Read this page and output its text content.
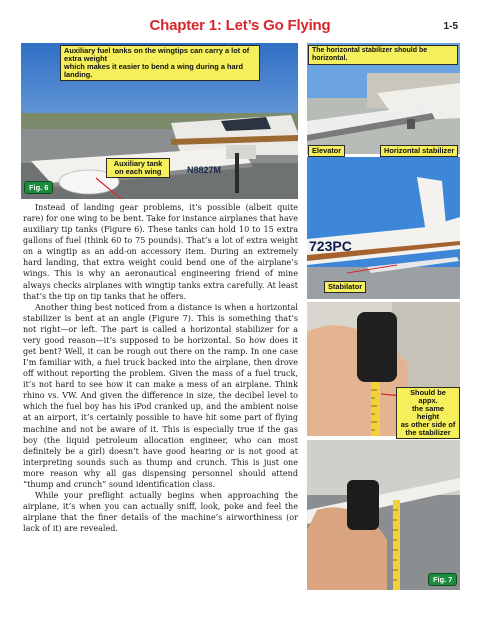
Chapter 1: Let’s Go Flying	1-5
N8827M
Auxiliary fuel tanks on the wingtips can carry a lot of extra weight
which makes it easier to bend a wing during a hard landing.
Auxiliary tank
on each wing
Fig. 6
The horizontal stabilizer should be horizontal.
Elevator	Horizontal stabilizer
723PC
Stabilator
Should be appx.
the same height
as other side of
the stabilizer
Fig. 7

Instead of landing gear problems, it’s possible (albeit quite rare) for one wing to be bent. Take for instance airplanes that have auxiliary tip tanks (Figure 6). These tanks can hold 10 to 15 extra gallons of fuel (think 60 to 75 pounds). That’s a lot of extra weight on a wingtip as an add-on accessory item. During an extremely hard landing, that extra weight could bend one of the airplane’s wings. This is why an aeronautical engineering friend of mine always checks airplanes with wingtip tanks extra carefully. At least that’s the tip on tip tanks that he offers.

Another thing best noticed from a distance is when a horizontal stabilizer is bent at an angle (Figure 7). This is something that’s not right—or left. The part is called a horizontal stabilizer for a very good reason—it’s supposed to be horizontal. So how does it get bent? Well, it can be rough out there on the ramp. In one case I’m familiar with, a fuel truck backed into the airplane, then drove off without reporting the problem. Given the mass of a fuel truck, it’s not hard to see how it can make a mess of an airplane. Think rhino vs. VW. And given the difference in size, the decibel level to which the fuel boy has his iPod cranked up, and the ambient noise at an airport, it’s certainly possible to have hit some part of flying machine and not be aware of it. This is especially true if the gas boy (the liquid petroleum allocation engineer, who can most definitely be a girl) doesn’t have good hearing or is not good at interpreting sounds such as thump and crunch. This is just one more reason why all gas dispensing personnel should attend “thump and crunch” sound identification class.

While your preflight actually begins when approaching the airplane, it’s when you can actually sniff, look, poke and feel the airplane that the finer details of the machine’s airworthiness (or lack of it) are revealed.
